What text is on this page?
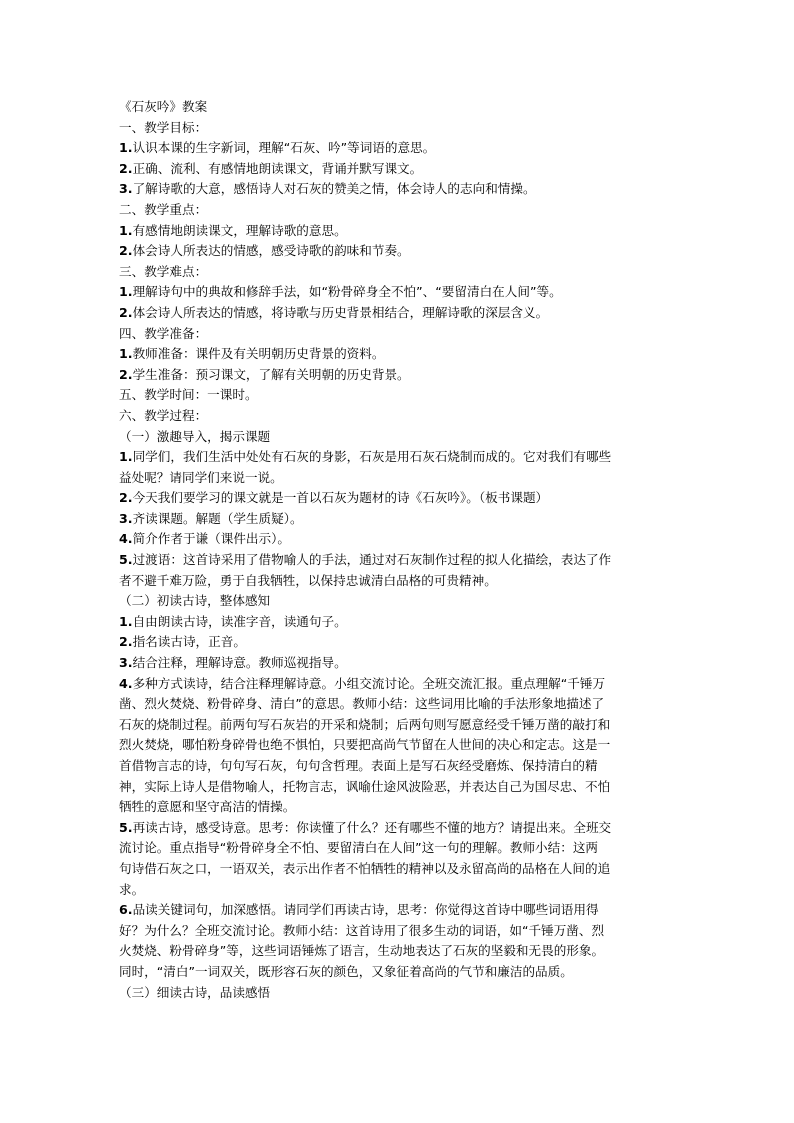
《石灰吟》教案
一、教学目标：
1.认识本课的生字新词，理解“石灰、吟”等词语的意思。
2.正确、流利、有感情地朗读课文，背诵并默写课文。
3.了解诗歌的大意，感悟诗人对石灰的赞美之情，体会诗人的志向和情操。
二、教学重点：
1.有感情地朗读课文，理解诗歌的意思。
2.体会诗人所表达的情感，感受诗歌的韵味和节奏。
三、教学难点：
1.理解诗句中的典故和修辞手法，如“粉骨碎身全不怕”、“要留清白在人间”等。
2.体会诗人所表达的情感，将诗歌与历史背景相结合，理解诗歌的深层含义。
四、教学准备：
1.教师准备：课件及有关明朝历史背景的资料。
2.学生准备：预习课文，了解有关明朝的历史背景。
五、教学时间：一课时。
六、教学过程：
（一）激趣导入，揭示课题
1.同学们，我们生活中处处有石灰的身影，石灰是用石灰石烧制而成的。它对我们有哪些
益处呢？请同学们来说一说。
2.今天我们要学习的课文就是一首以石灰为题材的诗《石灰吟》。（板书课题）
3.齐读课题。解题（学生质疑）。
4.简介作者于谦（课件出示）。
5.过渡语：这首诗采用了借物喻人的手法，通过对石灰制作过程的拟人化描绘，表达了作
者不避千难万险，勇于自我牺牲，以保持忠诚清白品格的可贵精神。
（二）初读古诗，整体感知
1.自由朗读古诗，读准字音，读通句子。
2.指名读古诗，正音。
3.结合注释，理解诗意。教师巡视指导。
4.多种方式读诗，结合注释理解诗意。小组交流讨论。全班交流汇报。重点理解“千锤万
凿、烈火焚烧、粉骨碎身、清白”的意思。教师小结：这些词用比喻的手法形象地描述了
石灰的烧制过程。前两句写石灰岩的开采和烧制；后两句则写愿意经受千锤万凿的敲打和
烈火焚烧，哪怕粉身碎骨也绝不惧怕，只要把高尚气节留在人世间的决心和定志。这是一
首借物言志的诗，句句写石灰，句句含哲理。表面上是写石灰经受磨炼、保持清白的精
神，实际上诗人是借物喻人，托物言志，讽喻仕途风波险恶，并表达自己为国尽忠、不怕
牺牲的意愿和坚守高洁的情操。
5.再读古诗，感受诗意。思考：你读懂了什么？还有哪些不懂的地方？请提出来。全班交
流讨论。重点指导“粉骨碎身全不怕、要留清白在人间”这一句的理解。教师小结：这两
句诗借石灰之口，一语双关，表示出作者不怕牺牲的精神以及永留高尚的品格在人间的追
求。
6.品读关键词句，加深感悟。请同学们再读古诗，思考：你觉得这首诗中哪些词语用得
好？为什么？全班交流讨论。教师小结：这首诗用了很多生动的词语，如“千锤万凿、烈
火焚烧、粉骨碎身”等，这些词语锤炼了语言，生动地表达了石灰的坚毅和无畏的形象。
同时，“清白”一词双关，既形容石灰的颜色，又象征着高尚的气节和廉洁的品质。
（三）细读古诗，品读感悟
